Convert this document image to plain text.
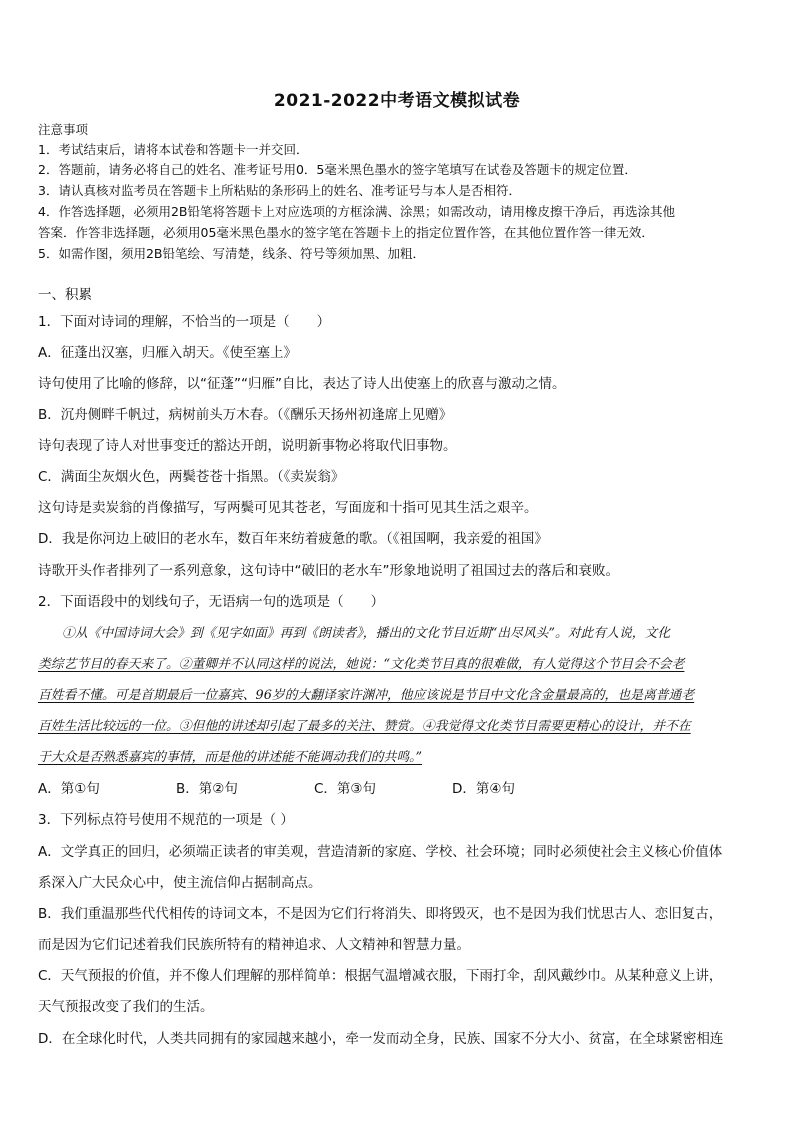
2021-2022中考语文模拟试卷
注意事项
1．考试结束后，请将本试卷和答题卡一并交回．
2．答题前，请务必将自己的姓名、准考证号用0．5毫米黑色墨水的签字笔填写在试卷及答题卡的规定位置．
3．请认真核对监考员在答题卡上所粘贴的条形码上的姓名、准考证号与本人是否相符．
4．作答选择题，必须用2B铅笔将答题卡上对应选项的方框涂满、涂黑；如需改动，请用橡皮擦干净后，再选涂其他
答案．作答非选择题，必须用05毫米黑色墨水的签字笔在答题卡上的指定位置作答，在其他位置作答一律无效．
5．如需作图，须用2B铅笔绘、写清楚，线条、符号等须加黑、加粗．
一、积累
1．下面对诗词的理解，不恰当的一项是（　　）
A．征蓬出汉塞，归雁入胡天。《使至塞上》
诗句使用了比喻的修辞，以“征蓬”“归雁”自比，表达了诗人出使塞上的欣喜与激动之情。
B．沉舟侧畔千帆过，病树前头万木春。（《酬乐天扬州初逢席上见赠》
诗句表现了诗人对世事变迁的豁达开朗，说明新事物必将取代旧事物。
C．满面尘灰烟火色，两鬓苍苍十指黑。（《卖炭翁》
这句诗是卖炭翁的肖像描写，写两鬓可见其苍老，写面庞和十指可见其生活之艰辛。
D．我是你河边上破旧的老水车，数百年来纺着疲惫的歌。（《祖国啊，我亲爱的祖国》
诗歌开头作者排列了一系列意象，这句诗中“破旧的老水车”形象地说明了祖国过去的落后和衰败。
2．下面语段中的划线句子，无语病一句的选项是（　　）
①从《中国诗词大会》到《见字如面》再到《朗读者》，播出的文化节目近期“出尽风头”。对此有人说，文化
类综艺节目的春天来了。②董卿并不认同这样的说法，她说：“文化类节目真的很难做，有人觉得这个节目会不会老
百姓看不懂。可是首期最后一位嘉宾、96岁的大翻译家许渊冲，他应该说是节目中文化含金量最高的，也是离普通老
百姓生活比较远的一位。③但他的讲述却引起了最多的关注、赞赏。④我觉得文化类节目需要更精心的设计，并不在
于大众是否熟悉嘉宾的事情，而是他的讲述能不能调动我们的共鸣。”
A．第①句	B．第②句	C．第③句	D．第④句
3．下列标点符号使用不规范的一项是（ ）
A．文学真正的回归，必须端正读者的审美观，营造清新的家庭、学校、社会环境；同时必须使社会主义核心价值体
系深入广大民众心中，使主流信仰占据制高点。
B．我们重温那些代代相传的诗词文本，不是因为它们行将消失、即将毁灭，也不是因为我们忧思古人、恋旧复古，
而是因为它们记述着我们民族所特有的精神追求、人文精神和智慧力量。
C．天气预报的价值，并不像人们理解的那样简单：根据气温增减衣服，下雨打伞，刮风戴纱巾。从某种意义上讲，
天气预报改变了我们的生活。
D．在全球化时代，人类共同拥有的家园越来越小，牵一发而动全身，民族、国家不分大小、贫富，在全球紧密相连
